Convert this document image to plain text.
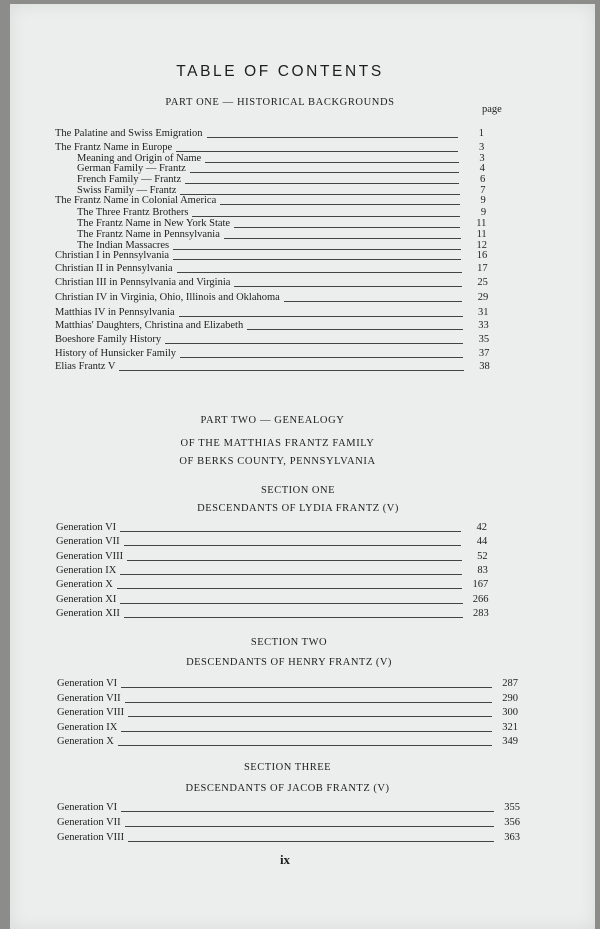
TABLE OF CONTENTS
PART ONE — HISTORICAL BACKGROUNDS
page
The Palatine and Swiss Emigration	1
The Frantz Name in Europe	3
Meaning and Origin of Name	3
German Family — Frantz	4
French Family — Frantz	6
Swiss Family — Frantz	7
The Frantz Name in Colonial America	9
The Three Frantz Brothers	9
The Frantz Name in New York State	11
The Frantz Name in Pennsylvania	11
The Indian Massacres	12
Christian I in Pennsylvania	16
Christian II in Pennsylvania	17
Christian III in Pennsylvania and Virginia	25
Christian IV in Virginia, Ohio, Illinois and Oklahoma	29
Matthias IV in Pennsylvania	31
Matthias' Daughters, Christina and Elizabeth	33
Boeshore Family History	35
History of Hunsicker Family	37
Elias Frantz V	38
PART TWO — GENEALOGY
OF THE MATTHIAS FRANTZ FAMILY
OF BERKS COUNTY, PENNSYLVANIA
SECTION ONE
DESCENDANTS OF LYDIA FRANTZ (V)
Generation VI	42
Generation VII	44
Generation VIII	52
Generation IX	83
Generation X	167
Generation XI	266
Generation XII	283
SECTION TWO
DESCENDANTS OF HENRY FRANTZ (V)
Generation VI	287
Generation VII	290
Generation VIII	300
Generation IX	321
Generation X	349
SECTION THREE
DESCENDANTS OF JACOB FRANTZ (V)
Generation VI	355
Generation VII	356
Generation VIII	363
ix
